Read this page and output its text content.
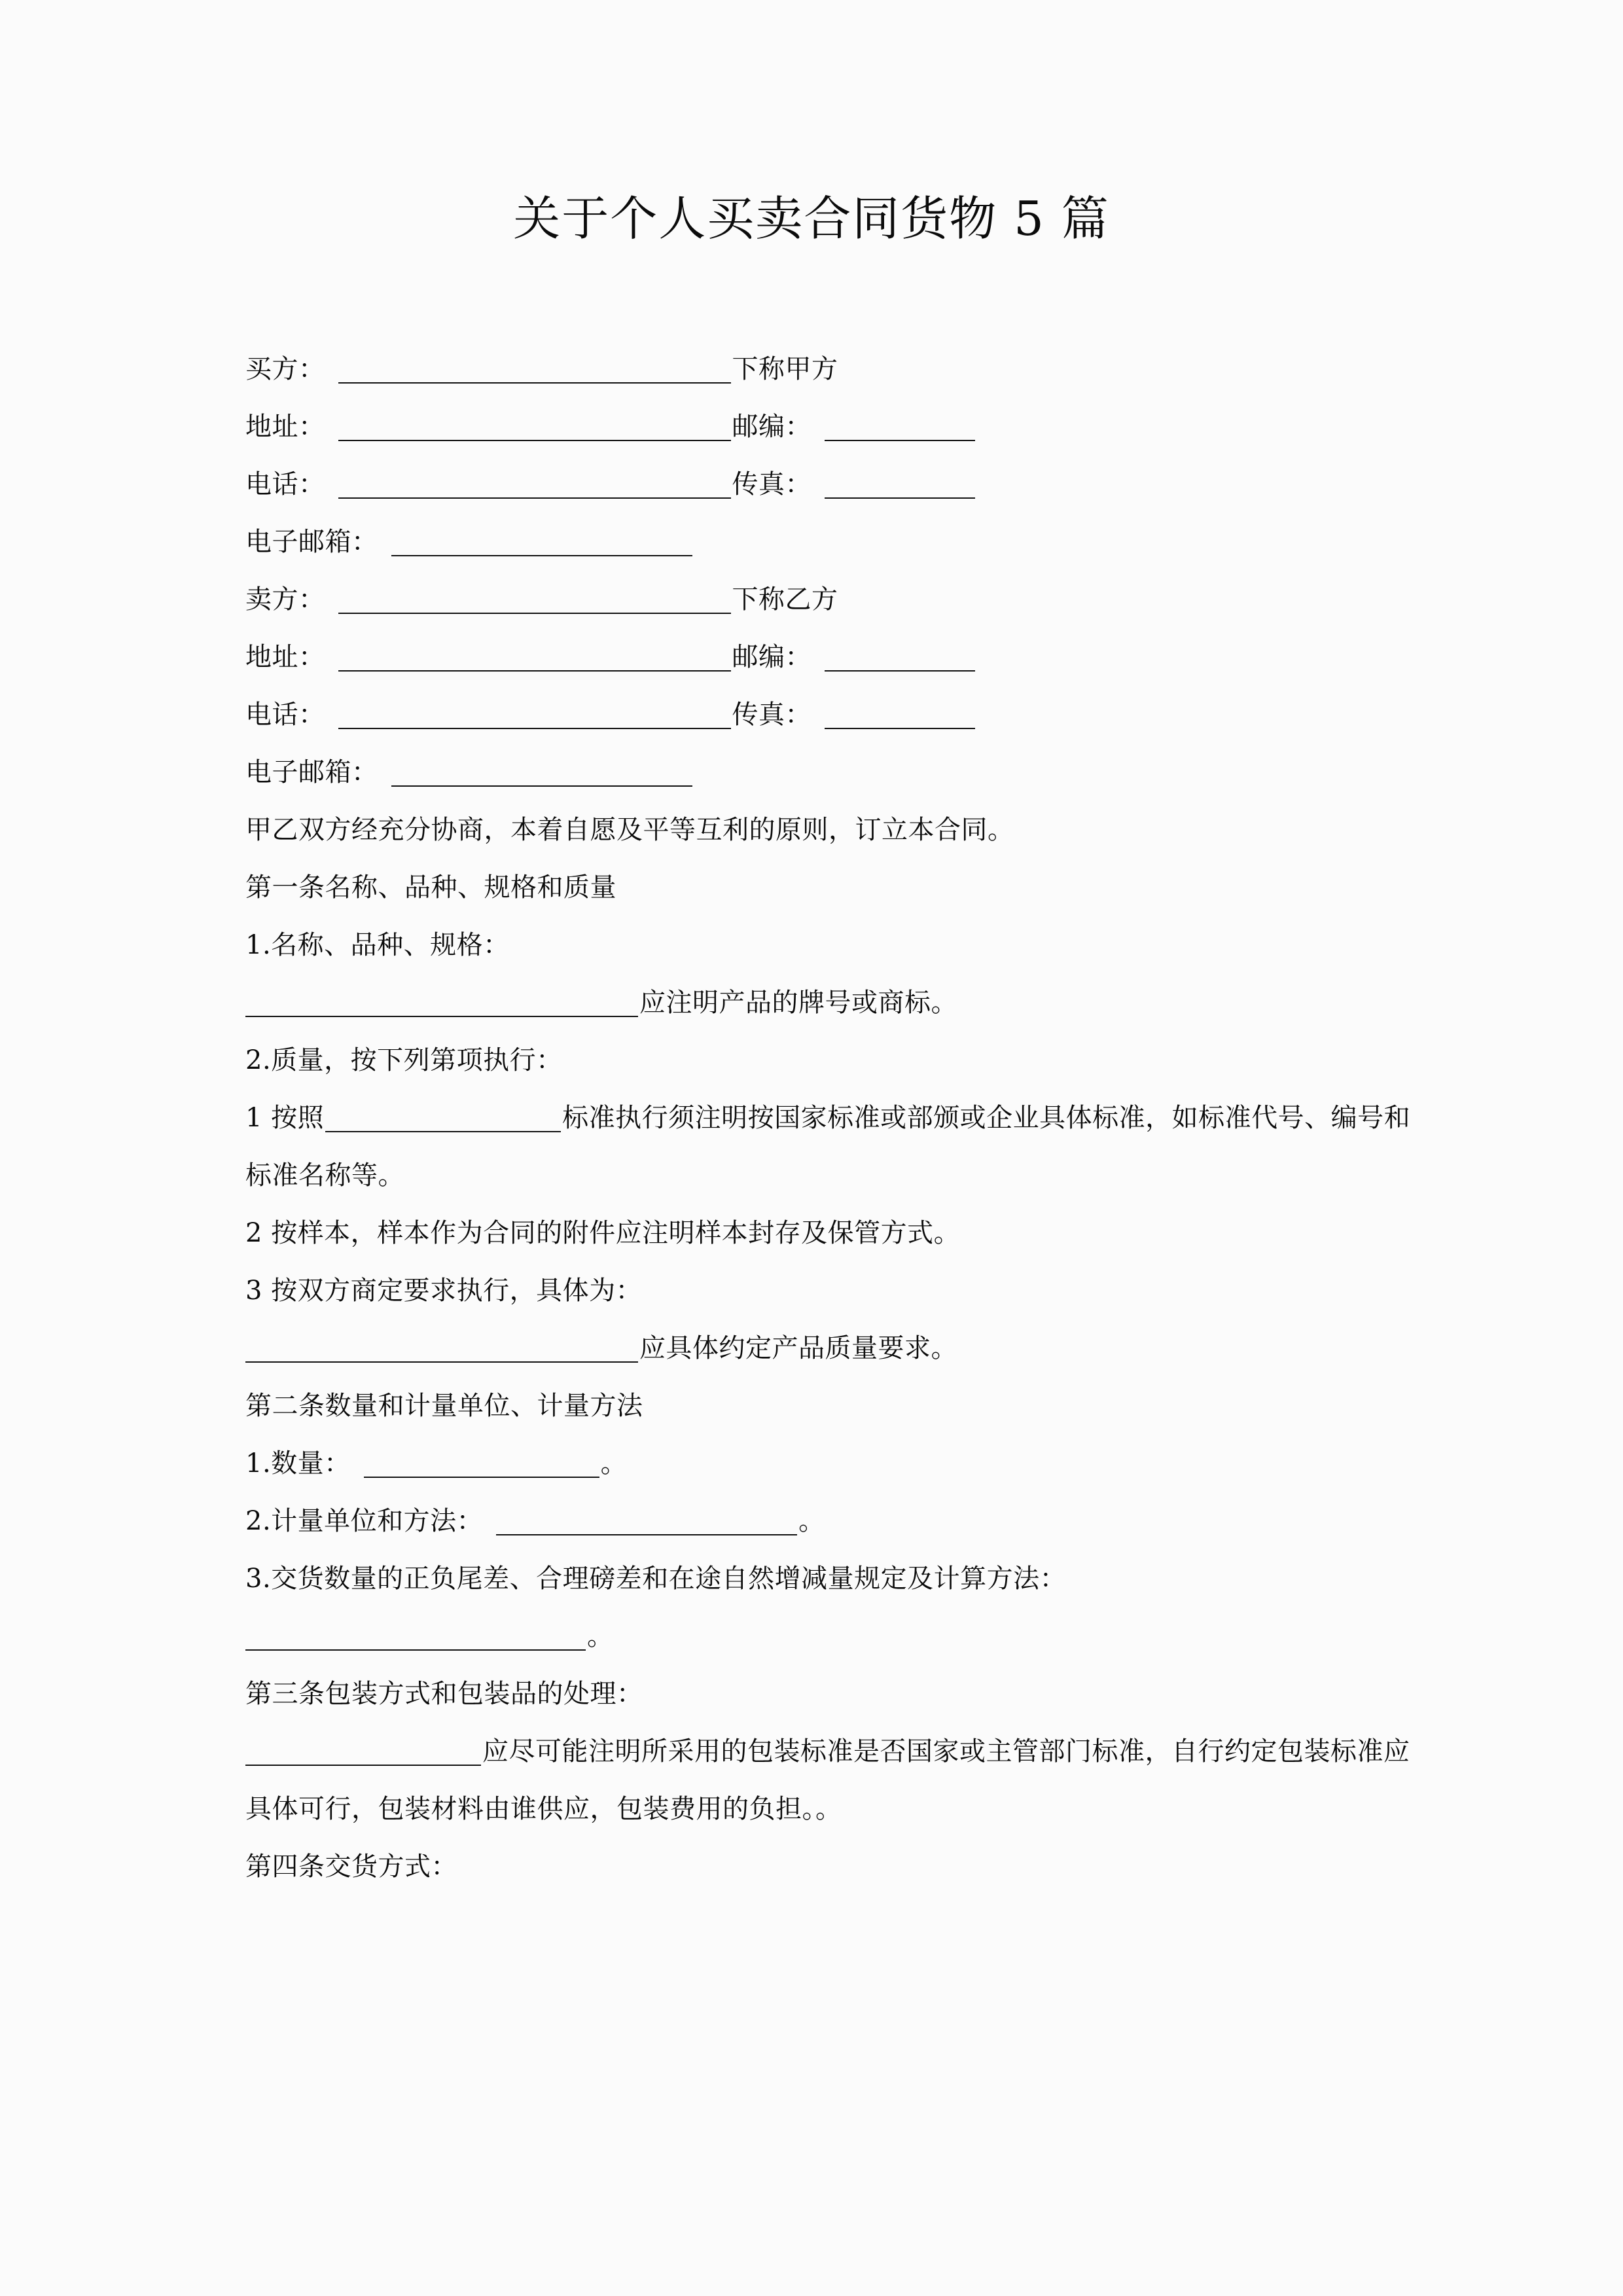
关于个人买卖合同货物 5 篇
买方：	下称甲方
地址：	邮编：
电话：	传真：
电子邮箱：
卖方：	下称乙方
地址：	邮编：
电话：	传真：
电子邮箱：
甲乙双方经充分协商，本着自愿及平等互利的原则，订立本合同。
第一条名称、品种、规格和质量
1.名称、品种、规格：
应注明产品的牌号或商标。
2.质量，按下列第项执行：
1 按照	标准执行须注明按国家标准或部颁或企业具体标准，如标准代号、编号和标准名称等。
2 按样本，样本作为合同的附件应注明样本封存及保管方式。
3 按双方商定要求执行，具体为：
应具体约定产品质量要求。
第二条数量和计量单位、计量方法
1.数量：	。
2.计量单位和方法：	。
3.交货数量的正负尾差、合理磅差和在途自然增减量规定及计算方法：
。
第三条包装方式和包装品的处理：
应尽可能注明所采用的包装标准是否国家或主管部门标准，自行约定包装标准应具体可行，包装材料由谁供应，包装费用的负担。。
第四条交货方式：
